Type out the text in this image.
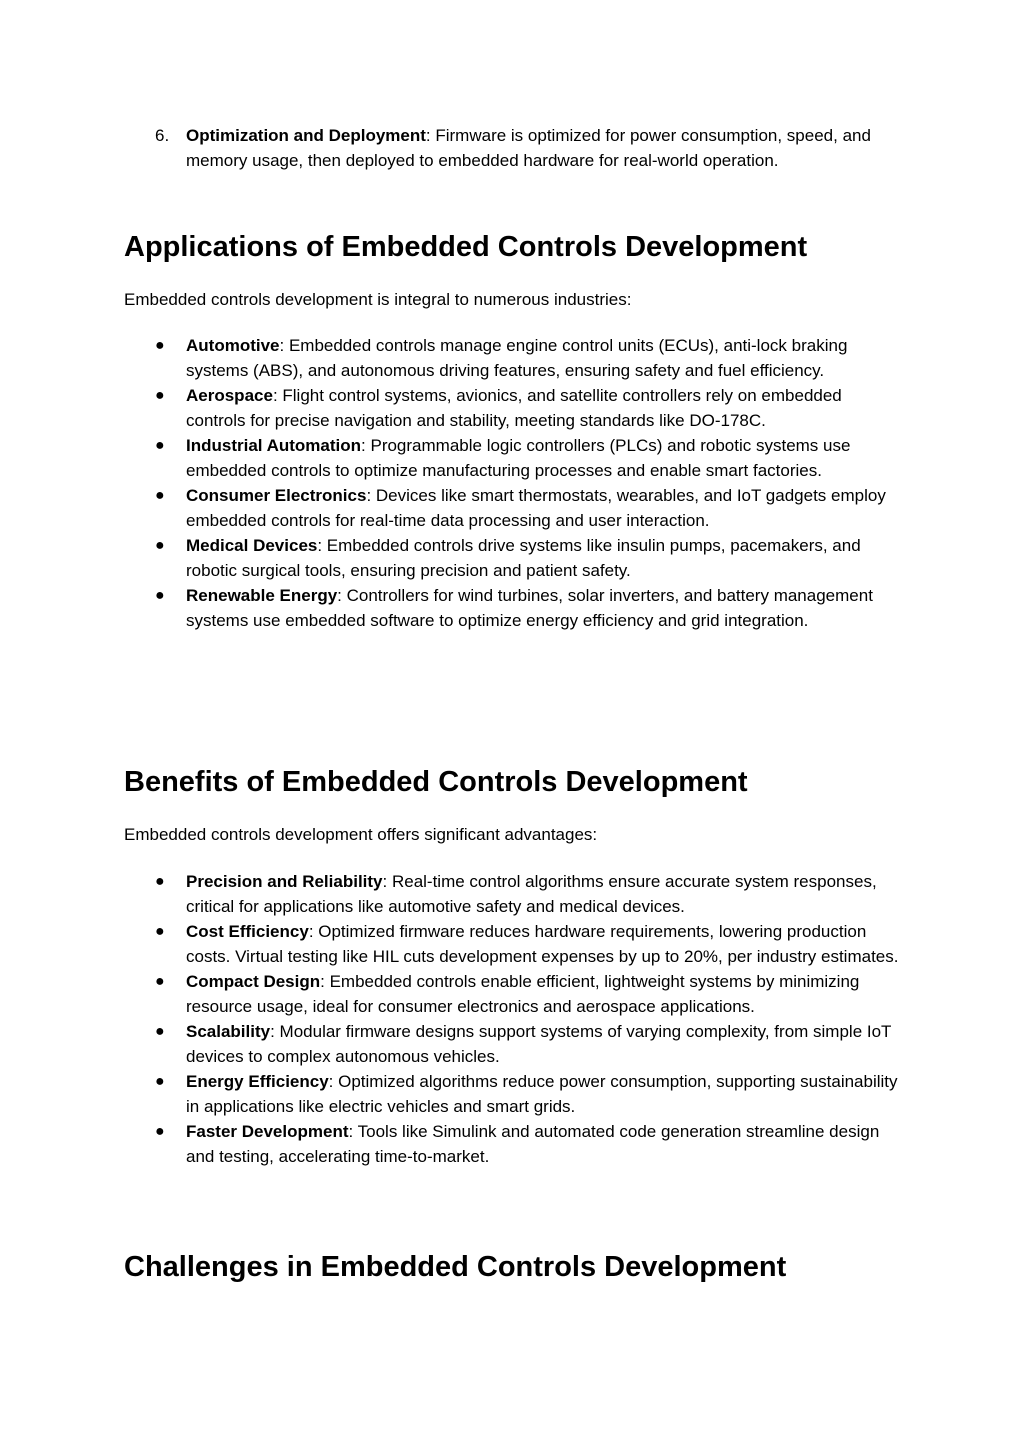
6. Optimization and Deployment: Firmware is optimized for power consumption, speed, and memory usage, then deployed to embedded hardware for real-world operation.
Applications of Embedded Controls Development

Embedded controls development is integral to numerous industries:

● Automotive: Embedded controls manage engine control units (ECUs), anti-lock braking systems (ABS), and autonomous driving features, ensuring safety and fuel efficiency.
● Aerospace: Flight control systems, avionics, and satellite controllers rely on embedded controls for precise navigation and stability, meeting standards like DO-178C.
● Industrial Automation: Programmable logic controllers (PLCs) and robotic systems use embedded controls to optimize manufacturing processes and enable smart factories.
● Consumer Electronics: Devices like smart thermostats, wearables, and IoT gadgets employ embedded controls for real-time data processing and user interaction.
● Medical Devices: Embedded controls drive systems like insulin pumps, pacemakers, and robotic surgical tools, ensuring precision and patient safety.
● Renewable Energy: Controllers for wind turbines, solar inverters, and battery management systems use embedded software to optimize energy efficiency and grid integration.
Benefits of Embedded Controls Development

Embedded controls development offers significant advantages:

● Precision and Reliability: Real-time control algorithms ensure accurate system responses, critical for applications like automotive safety and medical devices.
● Cost Efficiency: Optimized firmware reduces hardware requirements, lowering production costs. Virtual testing like HIL cuts development expenses by up to 20%, per industry estimates.
● Compact Design: Embedded controls enable efficient, lightweight systems by minimizing resource usage, ideal for consumer electronics and aerospace applications.
● Scalability: Modular firmware designs support systems of varying complexity, from simple IoT devices to complex autonomous vehicles.
● Energy Efficiency: Optimized algorithms reduce power consumption, supporting sustainability in applications like electric vehicles and smart grids.
● Faster Development: Tools like Simulink and automated code generation streamline design and testing, accelerating time-to-market.
Challenges in Embedded Controls Development
